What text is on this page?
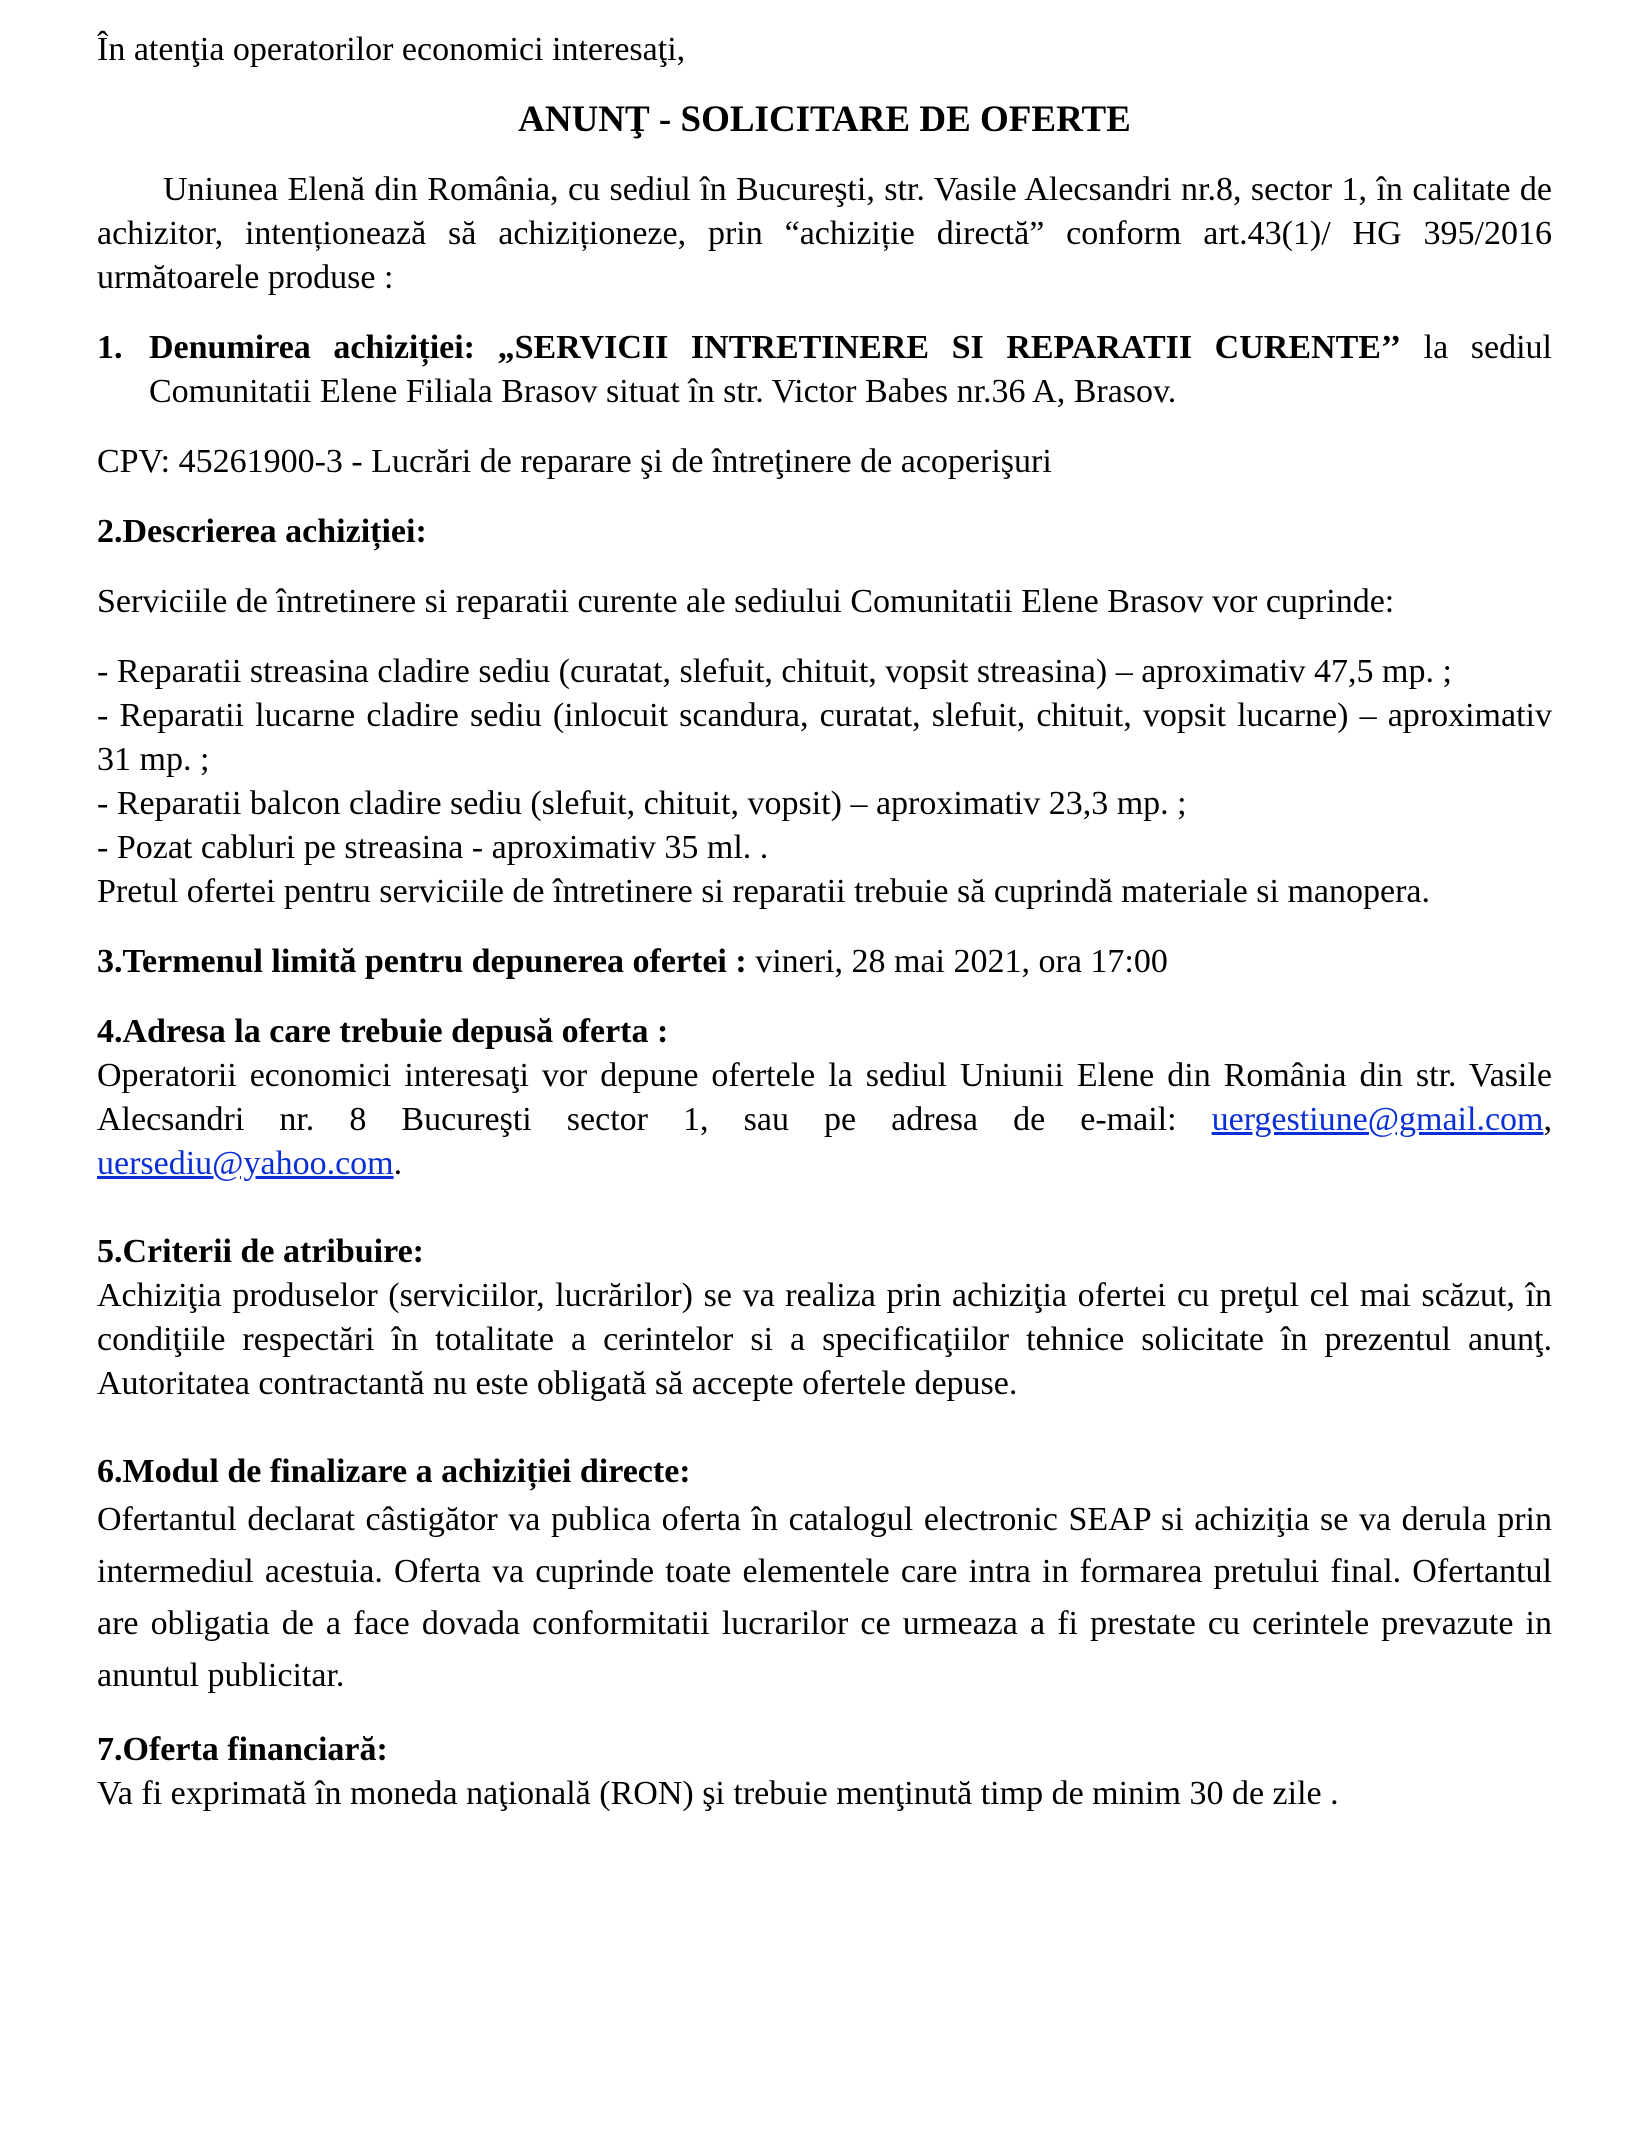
În atenţia operatorilor economici interesaţi,

ANUNŢ - SOLICITARE DE OFERTE

Uniunea Elenă din România, cu sediul în Bucureşti, str. Vasile Alecsandri nr.8, sector 1, în calitate de achizitor, intenționează să achiziționeze, prin “achiziție directă” conform art.43(1)/ HG 395/2016 următoarele produse :

1. Denumirea achiziției: „SERVICII INTRETINERE SI REPARATII CURENTE’’ la sediul Comunitatii Elene Filiala Brasov situat în str. Victor Babes nr.36 A, Brasov.

CPV: 45261900-3 - Lucrări de reparare şi de întreţinere de acoperişuri

2.Descrierea achiziției:

Serviciile de întretinere si reparatii curente ale sediului Comunitatii Elene Brasov vor cuprinde:

- Reparatii streasina cladire sediu (curatat, slefuit, chituit, vopsit streasina) – aproximativ 47,5 mp. ;

- Reparatii lucarne cladire sediu (inlocuit scandura, curatat, slefuit, chituit, vopsit lucarne) – aproximativ 31 mp. ;

- Reparatii balcon cladire sediu (slefuit, chituit, vopsit) – aproximativ 23,3 mp. ;

- Pozat cabluri pe streasina - aproximativ 35 ml. .

Pretul ofertei pentru serviciile de întretinere si reparatii trebuie să cuprindă materiale si manopera.

3.Termenul limită pentru depunerea ofertei : vineri, 28 mai 2021, ora 17:00

4.Adresa la care trebuie depusă oferta :

Operatorii economici interesaţi vor depune ofertele la sediul Uniunii Elene din România din str. Vasile Alecsandri nr. 8 Bucureşti sector 1, sau pe adresa de e-mail: uergestiune@gmail.com, uersediu@yahoo.com.

5.Criterii de atribuire:

Achiziţia produselor (serviciilor, lucrărilor) se va realiza prin achiziţia ofertei cu preţul cel mai scăzut, în condiţiile respectări în totalitate a cerintelor si a specificaţiilor tehnice solicitate în prezentul anunţ. Autoritatea contractantă nu este obligată să accepte ofertele depuse.

6.Modul de finalizare a achiziției directe:

Ofertantul declarat câstigător va publica oferta în catalogul electronic SEAP si achiziţia se va derula prin intermediul acestuia. Oferta va cuprinde toate elementele care intra in formarea pretului final. Ofertantul are obligatia de a face dovada conformitatii lucrarilor ce urmeaza a fi prestate cu cerintele prevazute in anuntul publicitar.

7.Oferta financiară:

Va fi exprimată în moneda naţională (RON) şi trebuie menţinută timp de minim 30 de zile .
